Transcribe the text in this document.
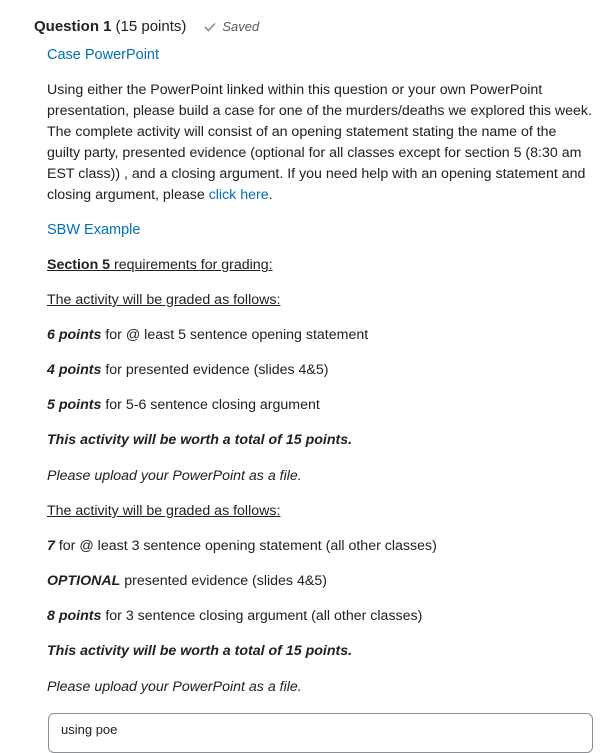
Question 1 (15 points)	Saved
Case PowerPoint
Using either the PowerPoint linked within this question or your own PowerPoint presentation, please build a case for one of the murders/deaths we explored this week. The complete activity will consist of an opening statement stating the name of the guilty party, presented evidence (optional for all classes except for section 5 (8:30 am EST class)) , and a closing argument. If you need help with an opening statement and closing argument, please click here.
SBW Example
Section 5 requirements for grading:
The activity will be graded as follows:
6 points for @ least 5 sentence opening statement
4 points for presented evidence (slides 4&5)
5 points for 5-6 sentence closing argument
This activity will be worth a total of 15 points.
Please upload your PowerPoint as a file.
The activity will be graded as follows:
7 for @ least 3 sentence opening statement (all other classes)
OPTIONAL presented evidence (slides 4&5)
8 points for 3 sentence closing argument (all other classes)
This activity will be worth a total of 15 points.
Please upload your PowerPoint as a file.
using poe
